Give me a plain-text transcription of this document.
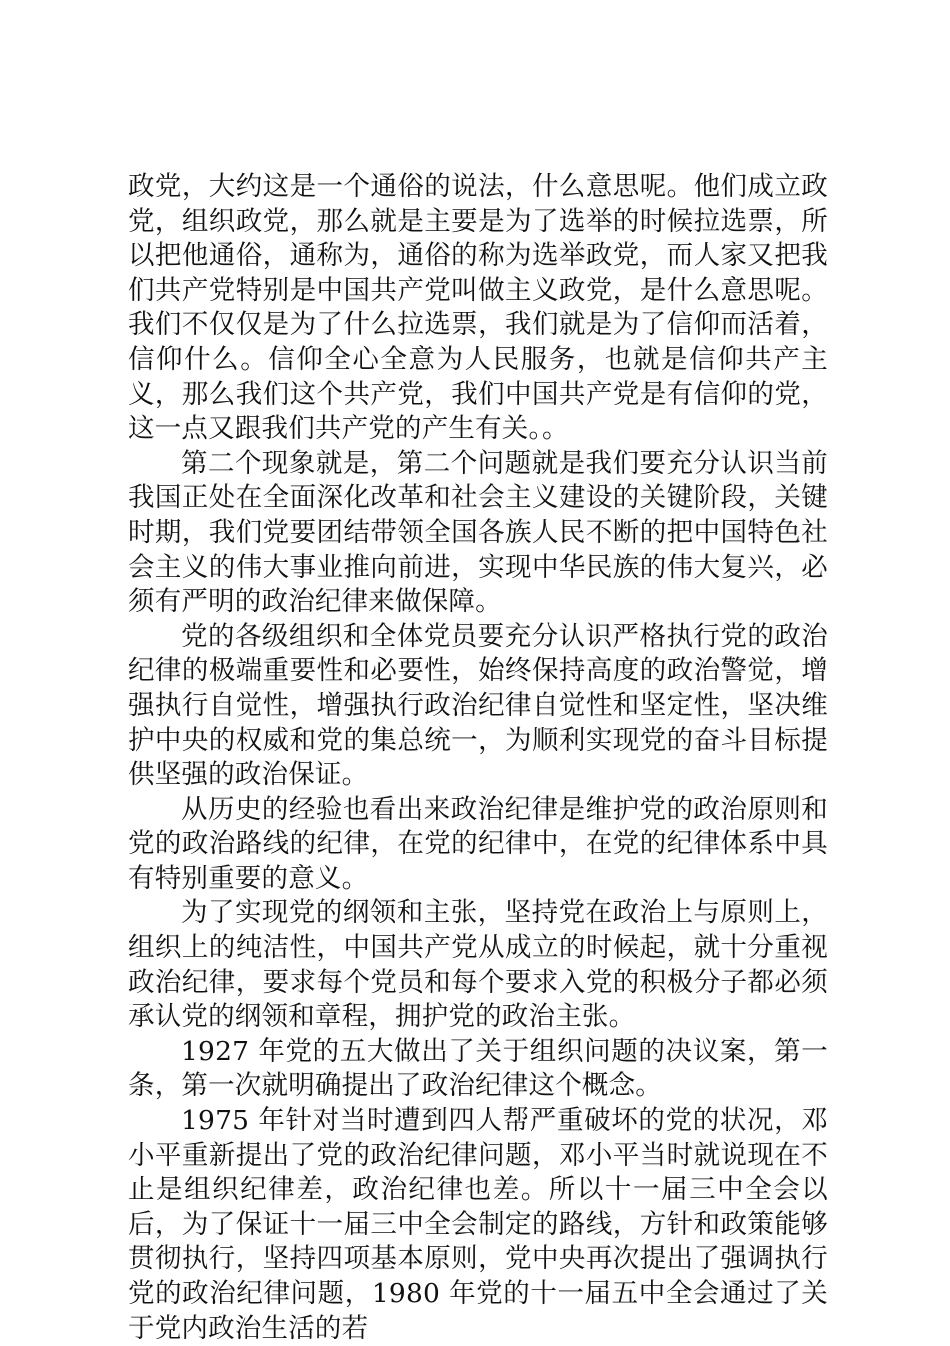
政党，大约这是一个通俗的说法，什么意思呢。他们成立政党，组织政党，那么就是主要是为了选举的时候拉选票，所以把他通俗，通称为，通俗的称为选举政党，而人家又把我们共产党特别是中国共产党叫做主义政党，是什么意思呢。我们不仅仅是为了什么拉选票，我们就是为了信仰而活着，信仰什么。信仰全心全意为人民服务，也就是信仰共产主义，那么我们这个共产党，我们中国共产党是有信仰的党，这一点又跟我们共产党的产生有关。。

第二个现象就是，第二个问题就是我们要充分认识当前我国正处在全面深化改革和社会主义建设的关键阶段，关键时期，我们党要团结带领全国各族人民不断的把中国特色社会主义的伟大事业推向前进，实现中华民族的伟大复兴，必须有严明的政治纪律来做保障。

党的各级组织和全体党员要充分认识严格执行党的政治纪律的极端重要性和必要性，始终保持高度的政治警觉，增强执行自觉性，增强执行政治纪律自觉性和坚定性，坚决维护中央的权威和党的集总统一，为顺利实现党的奋斗目标提供坚强的政治保证。

从历史的经验也看出来政治纪律是维护党的政治原则和党的政治路线的纪律，在党的纪律中，在党的纪律体系中具有特别重要的意义。

为了实现党的纲领和主张，坚持党在政治上与原则上，组织上的纯洁性，中国共产党从成立的时候起，就十分重视政治纪律，要求每个党员和每个要求入党的积极分子都必须承认党的纲领和章程，拥护党的政治主张。

1927 年党的五大做出了关于组织问题的决议案，第一条，第一次就明确提出了政治纪律这个概念。

1975 年针对当时遭到四人帮严重破坏的党的状况，邓小平重新提出了党的政治纪律问题，邓小平当时就说现在不止是组织纪律差，政治纪律也差。所以十一届三中全会以后，为了保证十一届三中全会制定的路线，方针和政策能够贯彻执行，坚持四项基本原则，党中央再次提出了强调执行党的政治纪律问题，1980 年党的十一届五中全会通过了关于党内政治生活的若
